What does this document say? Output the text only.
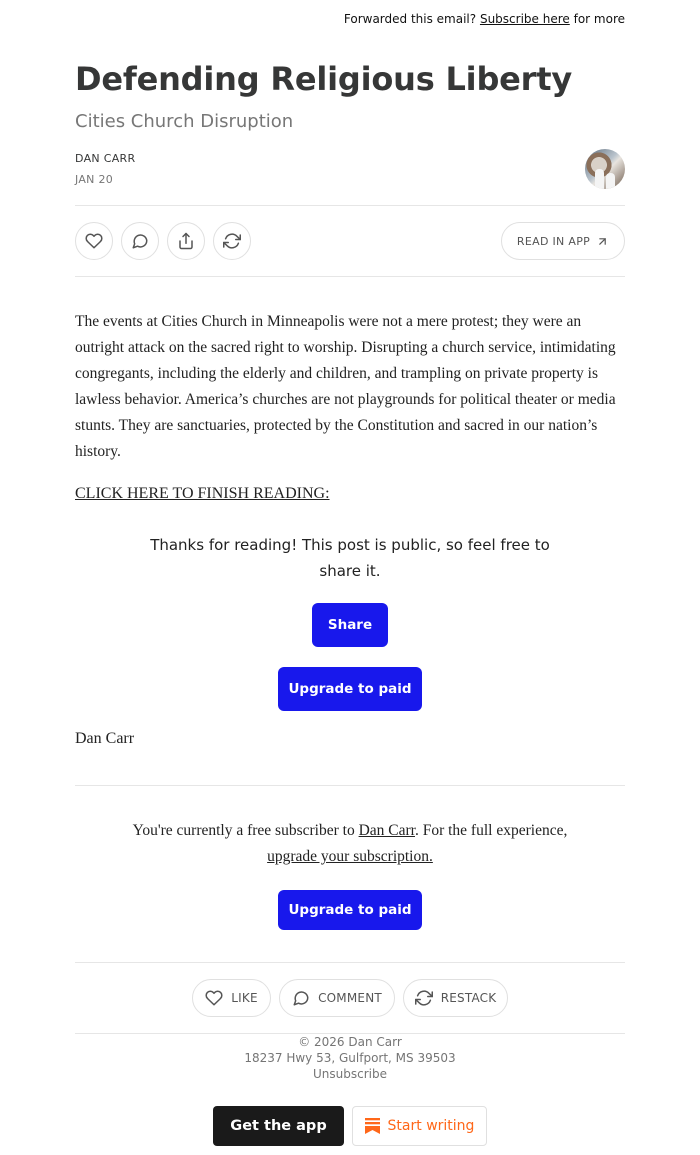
Forwarded this email? Subscribe here for more
Defending Religious Liberty
Cities Church Disruption
DAN CARR
JAN 20
READ IN APP

The events at Cities Church in Minneapolis were not a mere protest; they were an outright attack on the sacred right to worship. Disrupting a church service, intimidating congregants, including the elderly and children, and trampling on private property is lawless behavior. America’s churches are not playgrounds for political theater or media stunts. They are sanctuaries, protected by the Constitution and sacred in our nation’s history.

CLICK HERE TO FINISH READING:
Thanks for reading! This post is public, so feel free to share it.
Share
Upgrade to paid
Dan Carr
You're currently a free subscriber to Dan Carr. For the full experience,
upgrade your subscription.
Upgrade to paid
LIKE	COMMENT	RESTACK
© 2026 Dan Carr
18237 Hwy 53, Gulfport, MS 39503
Unsubscribe
Get the app	Start writing
